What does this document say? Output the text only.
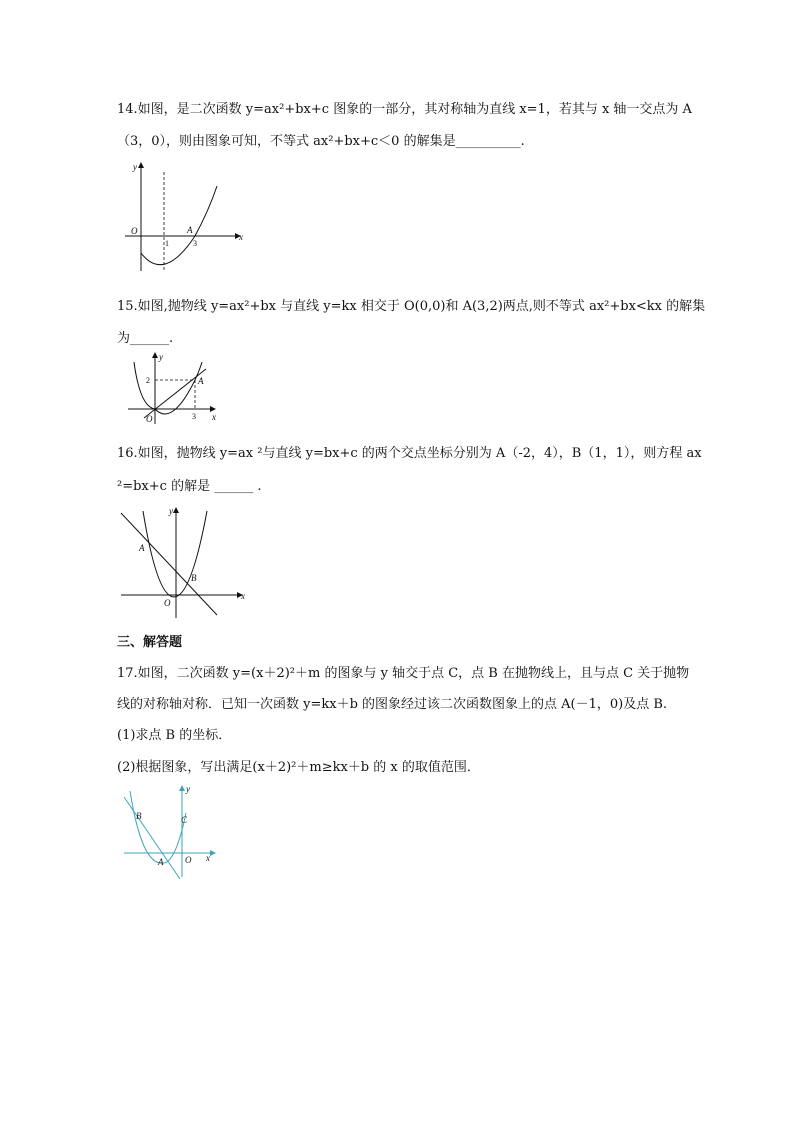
14.如图，是二次函数 y=ax²+bx+c 图象的一部分，其对称轴为直线 x=1，若其与 x 轴一交点为 A
（3，0），则由图象可知，不等式 ax²+bx+c＜0 的解集是__________.
y
x
O
1	3
A
15.如图,抛物线 y=ax²+bx 与直线 y=kx 相交于 O(0,0)和 A(3,2)两点,则不等式 ax²+bx<kx 的解集
为______.
y
x
O
2
3
A
16.如图，抛物线 y=ax ²与直线 y=bx+c 的两个交点坐标分别为 A（-2，4），B（1，1），则方程 ax
²=bx+c 的解是 ______ .
y
x
O
A
B
三、解答题
17.如图，二次函数 y=(x＋2)²＋m 的图象与 y 轴交于点 C，点 B 在抛物线上，且与点 C 关于抛物
线的对称轴对称．已知一次函数 y=kx＋b 的图象经过该二次函数图象上的点 A(－1，0)及点 B.
(1)求点 B 的坐标．
(2)根据图象，写出满足(x＋2)²＋m≥kx＋b 的 x 的取值范围．
y
x
O
A
B	C
